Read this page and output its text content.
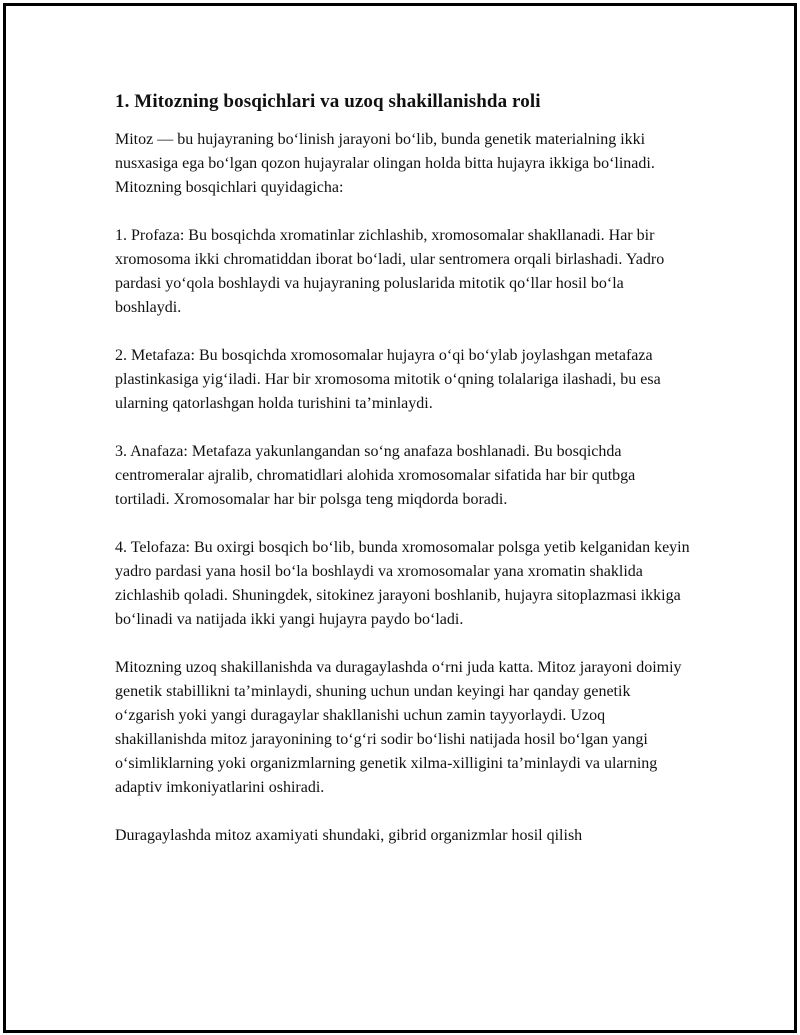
1. Mitozning bosqichlari va uzoq shakillanishda roli

Mitoz — bu hujayraning bo‘linish jarayoni bo‘lib, bunda genetik materialning ikki nusxasiga ega bo‘lgan qozon hujayralar olingan holda bitta hujayra ikkiga bo‘linadi. Mitozning bosqichlari quyidagicha:

1. Profaza: Bu bosqichda xromatinlar zichlashib, xromosomalar shakllanadi. Har bir xromosoma ikki chromatiddan iborat bo‘ladi, ular sentromera orqali birlashadi. Yadro pardasi yo‘qola boshlaydi va hujayraning poluslarida mitotik qo‘llar hosil bo‘la boshlaydi.

2. Metafaza: Bu bosqichda xromosomalar hujayra o‘qi bo‘ylab joylashgan metafaza plastinkasiga yig‘iladi. Har bir xromosoma mitotik o‘qning tolalariga ilashadi, bu esa ularning qatorlashgan holda turishini ta’minlaydi.

3. Anafaza: Metafaza yakunlangandan so‘ng anafaza boshlanadi. Bu bosqichda centromeralar ajralib, chromatidlari alohida xromosomalar sifatida har bir qutbga tortiladi. Xromosomalar har bir polsga teng miqdorda boradi.

4. Telofaza: Bu oxirgi bosqich bo‘lib, bunda xromosomalar polsga yetib kelganidan keyin yadro pardasi yana hosil bo‘la boshlaydi va xromosomalar yana xromatin shaklida zichlashib qoladi. Shuningdek, sitokinez jarayoni boshlanib, hujayra sitoplazmasi ikkiga bo‘linadi va natijada ikki yangi hujayra paydo bo‘ladi.

Mitozning uzoq shakillanishda va duragaylashda o‘rni juda katta. Mitoz jarayoni doimiy genetik stabillikni ta’minlaydi, shuning uchun undan keyingi har qanday genetik o‘zgarish yoki yangi duragaylar shakllanishi uchun zamin tayyorlaydi. Uzoq shakillanishda mitoz jarayonining to‘g‘ri sodir bo‘lishi natijada hosil bo‘lgan yangi o‘simliklarning yoki organizmlarning genetik xilma-xilligini ta’minlaydi va ularning adaptiv imkoniyatlarini oshiradi.

Duragaylashda mitoz axamiyati shundaki, gibrid organizmlar hosil qilish
